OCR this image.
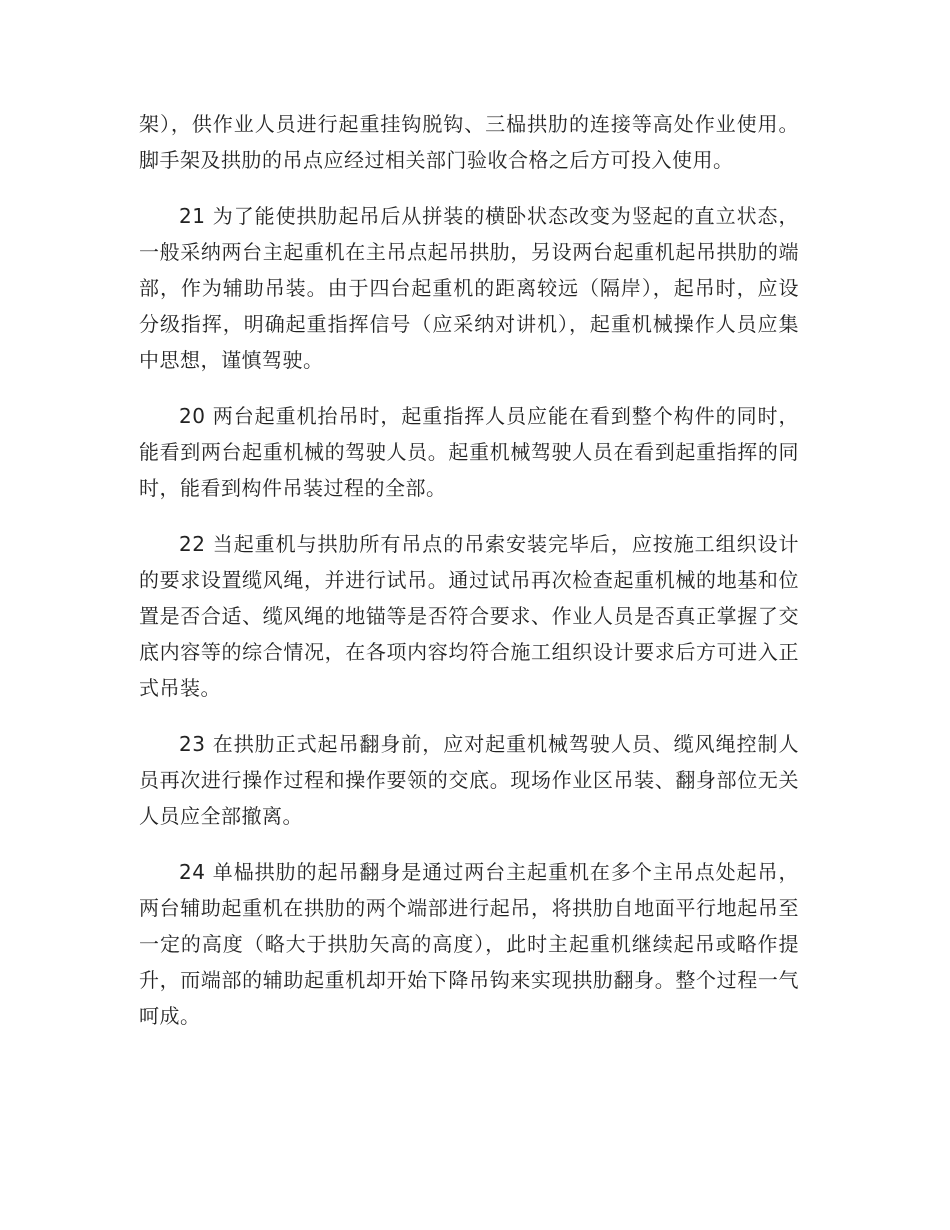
架），供作业人员进行起重挂钩脱钩、三榀拱肋的连接等高处作业使用。脚手架及拱肋的吊点应经过相关部门验收合格之后方可投入使用。

21 为了能使拱肋起吊后从拼装的横卧状态改变为竖起的直立状态，一般采纳两台主起重机在主吊点起吊拱肋，另设两台起重机起吊拱肋的端部，作为辅助吊装。由于四台起重机的距离较远（隔岸），起吊时，应设分级指挥，明确起重指挥信号（应采纳对讲机），起重机械操作人员应集中思想，谨慎驾驶。

20 两台起重机抬吊时，起重指挥人员应能在看到整个构件的同时，能看到两台起重机械的驾驶人员。起重机械驾驶人员在看到起重指挥的同时，能看到构件吊装过程的全部。

22 当起重机与拱肋所有吊点的吊索安装完毕后，应按施工组织设计的要求设置缆风绳，并进行试吊。通过试吊再次检查起重机械的地基和位置是否合适、缆风绳的地锚等是否符合要求、作业人员是否真正掌握了交底内容等的综合情况，在各项内容均符合施工组织设计要求后方可进入正式吊装。

23 在拱肋正式起吊翻身前，应对起重机械驾驶人员、缆风绳控制人员再次进行操作过程和操作要领的交底。现场作业区吊装、翻身部位无关人员应全部撤离。

24 单榀拱肋的起吊翻身是通过两台主起重机在多个主吊点处起吊，两台辅助起重机在拱肋的两个端部进行起吊，将拱肋自地面平行地起吊至一定的高度（略大于拱肋矢高的高度），此时主起重机继续起吊或略作提升，而端部的辅助起重机却开始下降吊钩来实现拱肋翻身。整个过程一气呵成。
